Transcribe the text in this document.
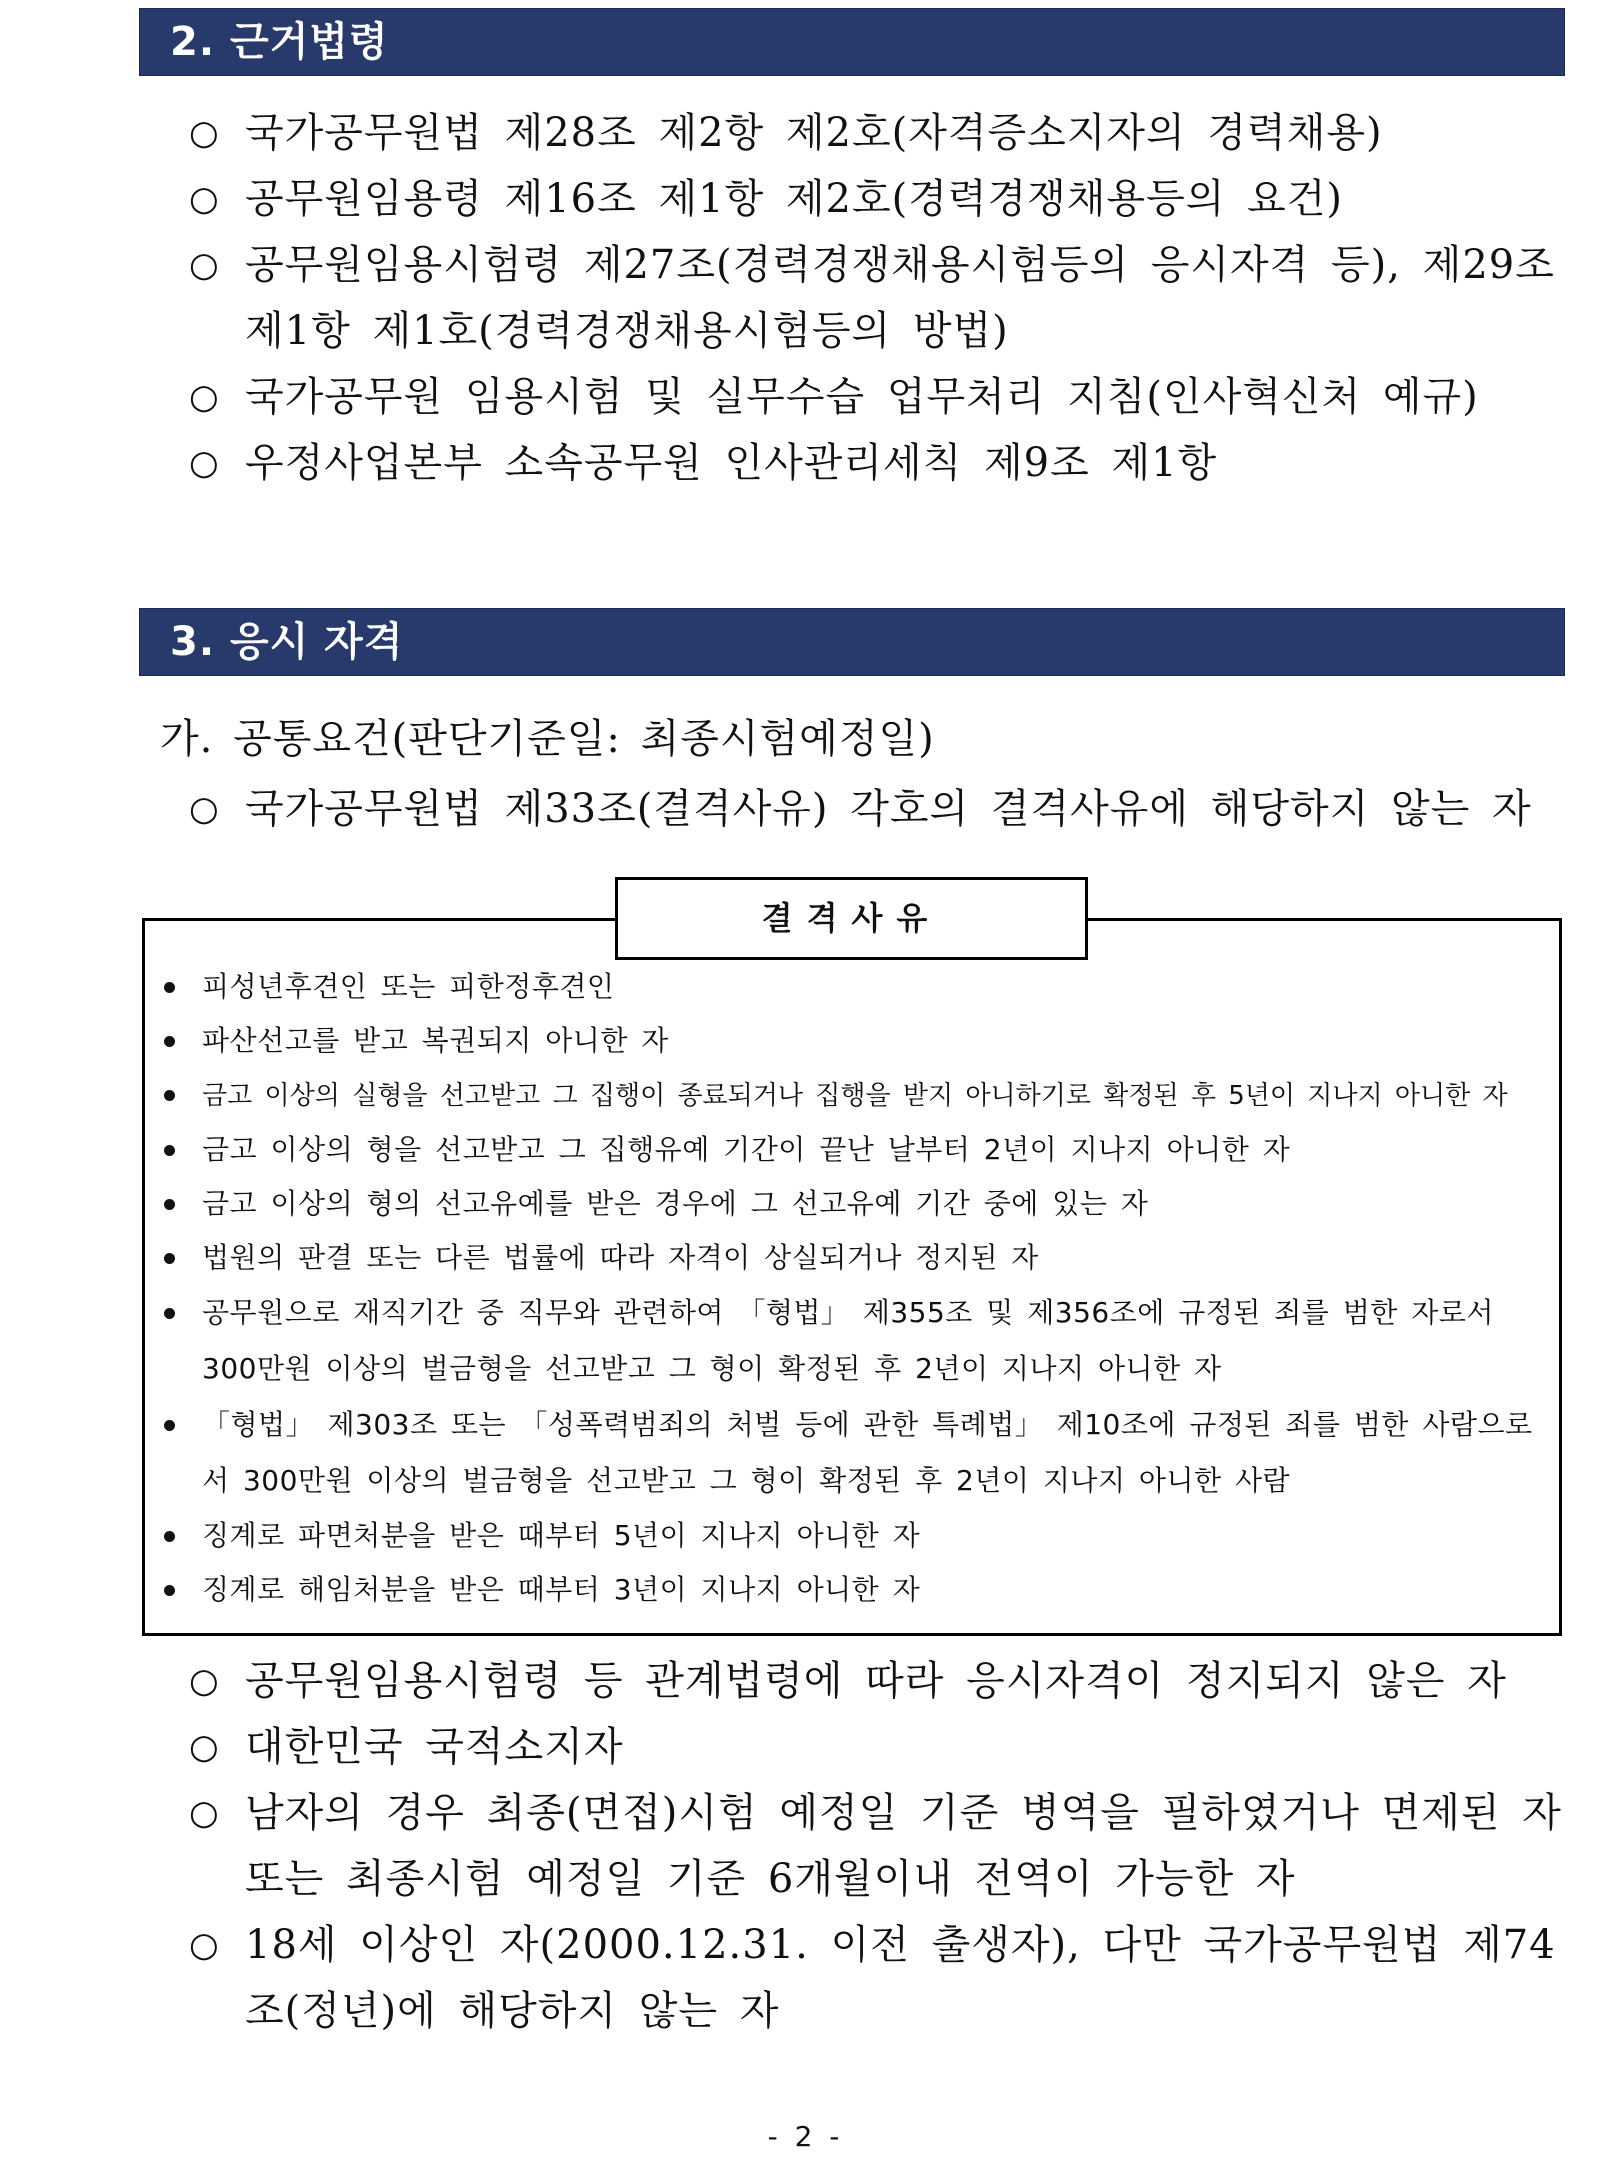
2. 근거법령
○ 국가공무원법 제28조 제2항 제2호(자격증소지자의 경력채용)
○ 공무원임용령 제16조 제1항 제2호(경력경쟁채용등의 요건)
○ 공무원임용시험령 제27조(경력경쟁채용시험등의 응시자격 등), 제29조 제1항 제1호(경력경쟁채용시험등의 방법)
○ 국가공무원 임용시험 및 실무수습 업무처리 지침(인사혁신처 예규)
○ 우정사업본부 소속공무원 인사관리세칙 제9조 제1항
3. 응시 자격
가. 공통요건(판단기준일: 최종시험예정일)
○ 국가공무원법 제33조(결격사유) 각호의 결격사유에 해당하지 않는 자
결격사유
피성년후견인 또는 피한정후견인
파산선고를 받고 복권되지 아니한 자
금고 이상의 실형을 선고받고 그 집행이 종료되거나 집행을 받지 아니하기로 확정된 후 5년이 지나지 아니한 자
금고 이상의 형을 선고받고 그 집행유예 기간이 끝난 날부터 2년이 지나지 아니한 자
금고 이상의 형의 선고유예를 받은 경우에 그 선고유예 기간 중에 있는 자
법원의 판결 또는 다른 법률에 따라 자격이 상실되거나 정지된 자
공무원으로 재직기간 중 직무와 관련하여 「형법」 제355조 및 제356조에 규정된 죄를 범한 자로서 300만원 이상의 벌금형을 선고받고 그 형이 확정된 후 2년이 지나지 아니한 자
「형법」 제303조 또는 「성폭력범죄의 처벌 등에 관한 특례법」 제10조에 규정된 죄를 범한 사람으로서 300만원 이상의 벌금형을 선고받고 그 형이 확정된 후 2년이 지나지 아니한 사람
징계로 파면처분을 받은 때부터 5년이 지나지 아니한 자
징계로 해임처분을 받은 때부터 3년이 지나지 아니한 자
○ 공무원임용시험령 등 관계법령에 따라 응시자격이 정지되지 않은 자
○ 대한민국 국적소지자
○ 남자의 경우 최종(면접)시험 예정일 기준 병역을 필하였거나 면제된 자 또는 최종시험 예정일 기준 6개월이내 전역이 가능한 자
○ 18세 이상인 자(2000.12.31. 이전 출생자), 다만 국가공무원법 제74조(정년)에 해당하지 않는 자
- 2 -
